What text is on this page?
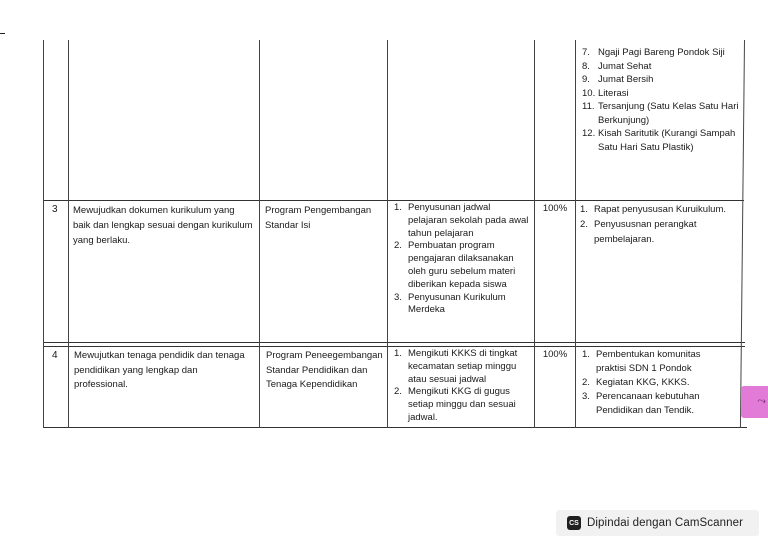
7. Ngaji Pagi Bareng Pondok Siji
8. Jumat Sehat
9. Jumat Bersih
10. Literasi
11. Tersanjung (Satu Kelas Satu Hari Berkunjung)
12. Kisah Saritutik (Kurangi Sampah Satu Hari Satu Plastik)
3 Mewujudkan dokumen kurikulum yang baik dan lengkap sesuai dengan kurikulum yang berlaku.
Program Pengembangan Standar Isi
1. Penyusunan jadwal pelajaran sekolah pada awal tahun pelajaran
2. Pembuatan program pengajaran dilaksanakan oleh guru sebelum materi diberikan kepada siswa
3. Penyusunan Kurikulum Merdeka
100%	1. Rapat penyususan Kuruikulum.
2. Penyususnan perangkat pembelajaran.
4 Mewujutkan tenaga pendidik dan tenaga pendidikan yang lengkap dan professional.
Program Peneegembangan Standar Pendidikan dan Tenaga Kependidikan
1. Mengikuti KKKS di tingkat kecamatan setiap minggu atau sesuai jadwal
2. Mengikuti KKG di gugus setiap minggu dan sesuai jadwal.
100%	1. Pembentukan komunitas praktisi SDN 1 Pondok
2. Kegiatan KKG, KKKS.
3. Perencanaan kebutuhan Pendidikan dan Tendik.
⤳
CS Dipindai dengan CamScanner
